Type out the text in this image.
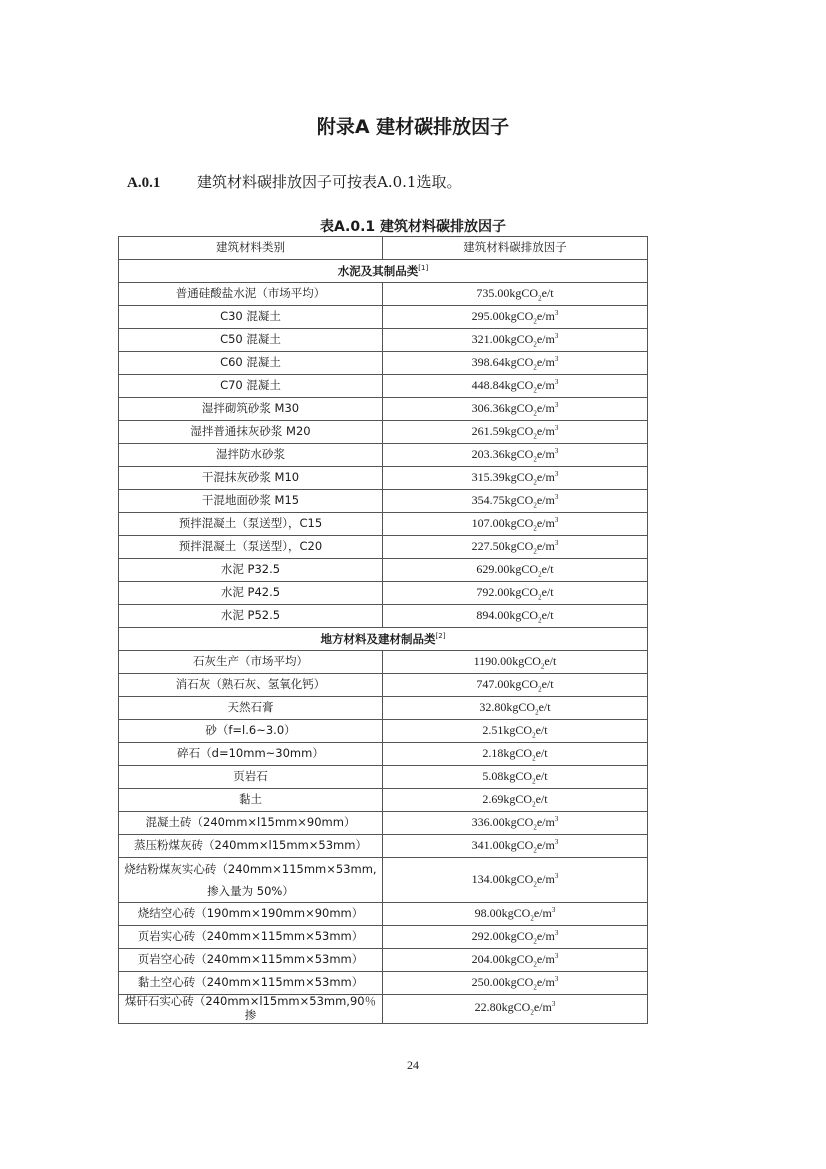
附录A 建材碳排放因子
A.0.1 建筑材料碳排放因子可按表A.0.1选取。
表A.0.1 建筑材料碳排放因子
建筑材料类别	建筑材料碳排放因子
水泥及其制品类[1]

普通硅酸盐水泥（市场平均）	735.00kgCO$_2$e/t

C30 混凝土	$295.00kgCO_2e/m^3$

C50 混凝土	$321.00kgCO_2e/m^3$

C60 混凝土	$398.64kgCO_2e/m^3$

C70 混凝土	$448.84kgCO_2e/m^3$

湿拌砌筑砂浆 M30	$306.36kgCO_2e/m^3$

湿拌普通抹灰砂浆 M20	$261.59kgCO_2e/m^3$

湿拌防水砂浆	$203.36kgCO_2e/m^3$

干混抹灰砂浆 M10	$315.39kgCO_2e/m^3$

干混地面砂浆 M15	$354.75kgCO_2e/m^3$

预拌混凝土（泵送型），C15	$107.00kgCO_2e/m^3$

预拌混凝土（泵送型），C20	$227.50kgCO_2e/m^3$

水泥 P32.5	629.00kgCO$_2$e/t

水泥 P42.5	792.00kgCO$_2$e/t

水泥 P52.5	894.00kgCO$_2$e/t
地方材料及建材制品类[2]

石灰生产（市场平均）	1190.00kgCO$_2$e/t

消石灰（熟石灰、氢氧化钙）	747.00kgCO$_2$e/t

天然石膏	32.80kgCO$_2$e/t

砂（f=l.6~3.0）	2.51kgCO$_2$e/t

碎石（d=10mm~30mm）	2.18kgCO$_2$e/t

页岩石	5.08kgCO$_2$e/t

黏土	2.69kgCO$_2$e/t

混凝土砖（240mm×l15mm×90mm）	$336.00kgCO_2e/m^3$

蒸压粉煤灰砖（240mm×l15mm×53mm）	$341.00kgCO_2e/m^3$

烧结粉煤灰实心砖（240mm×115mm×53mm,
掺入量为 50%）	$134.00kgCO_2e/m^3$

烧结空心砖（190mm×190mm×90mm）	$98.00kgCO_2e/m^3$

页岩实心砖（240mm×115mm×53mm）	$292.00kgCO_2e/m^3$

页岩空心砖（240mm×115mm×53mm）	$204.00kgCO_2e/m^3$

黏土空心砖（240mm×115mm×53mm）	$250.00kgCO_2e/m^3$

煤矸石实心砖（240mm×l15mm×53mm,90％掺	$22.80kgCO_2e/m^3$
24
